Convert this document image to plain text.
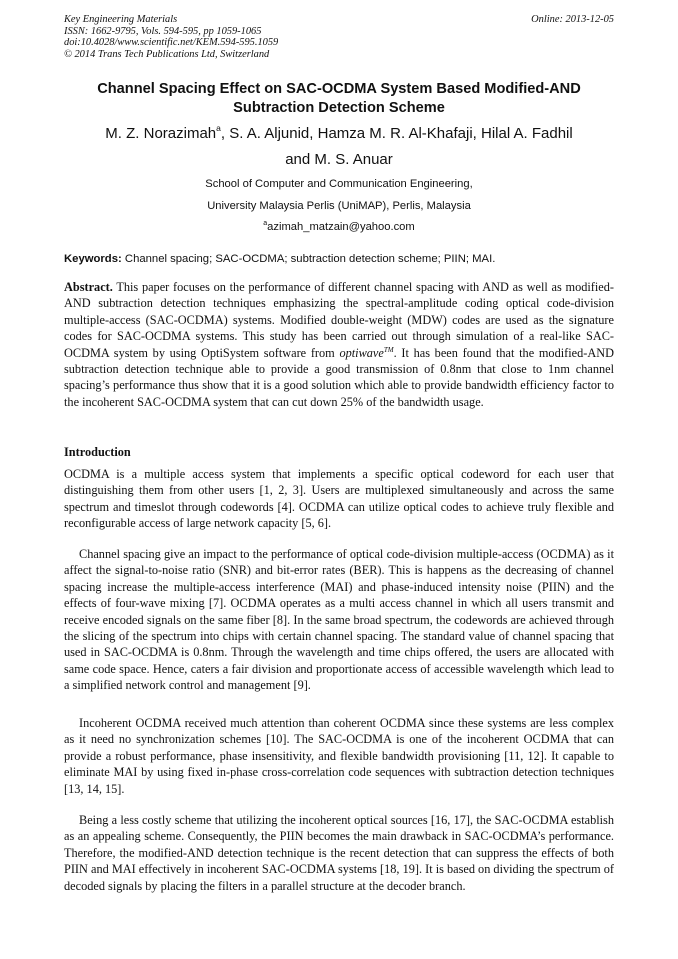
Key Engineering Materials
ISSN: 1662-9795, Vols. 594-595, pp 1059-1065
doi:10.4028/www.scientific.net/KEM.594-595.1059
© 2014 Trans Tech Publications Ltd, Switzerland
Online: 2013-12-05
Channel Spacing Effect on SAC-OCDMA System Based Modified-AND
Subtraction Detection Scheme
M. Z. Norazimah$^a$, S. A. Aljunid, Hamza M. R. Al-Khafaji, Hilal A. Fadhil
and M. S. Anuar
School of Computer and Communication Engineering,
University Malaysia Perlis (UniMAP), Perlis, Malaysia
$^a$azimah_matzain@yahoo.com
Keywords: Channel spacing; SAC-OCDMA; subtraction detection scheme; PIIN; MAI.
Abstract. This paper focuses on the performance of different channel spacing with AND as well as modified-AND subtraction detection techniques emphasizing the spectral-amplitude coding optical code-division multiple-access (SAC-OCDMA) systems. Modified double-weight (MDW) codes are used as the signature codes for SAC-OCDMA systems. This study has been carried out through simulation of a real-like SAC-OCDMA system by using OptiSystem software from optiwave™. It has been found that the modified-AND subtraction detection technique able to provide a good transmission of 0.8nm that close to 1nm channel spacing’s performance thus show that it is a good solution which able to provide bandwidth efficiency factor to the incoherent SAC-OCDMA system that can cut down 25% of the bandwidth usage.
Introduction
OCDMA is a multiple access system that implements a specific optical codeword for each user that distinguishing them from other users [1, 2, 3]. Users are multiplexed simultaneously and across the same spectrum and timeslot through codewords [4]. OCDMA can utilize optical codes to achieve truly flexible and reconfigurable access of large network capacity [5, 6].
Channel spacing give an impact to the performance of optical code-division multiple-access (OCDMA) as it affect the signal-to-noise ratio (SNR) and bit-error rates (BER). This is happens as the decreasing of channel spacing increase the multiple-access interference (MAI) and phase-induced intensity noise (PIIN) and the effects of four-wave mixing [7]. OCDMA operates as a multi access channel in which all users transmit and receive encoded signals on the same fiber [8]. In the same broad spectrum, the codewords are achieved through the slicing of the spectrum into chips with certain channel spacing. The standard value of channel spacing that used in SAC-OCDMA is 0.8nm. Through the wavelength and time chips offered, the users are allocated with same code space. Hence, caters a fair division and proportionate access of accessible wavelength which lead to a simplified network control and management [9].
Incoherent OCDMA received much attention than coherent OCDMA since these systems are less complex as it need no synchronization schemes [10]. The SAC-OCDMA is one of the incoherent OCDMA that can provide a robust performance, phase insensitivity, and flexible bandwidth provisioning [11, 12]. It capable to eliminate MAI by using fixed in-phase cross-correlation code sequences with subtraction detection techniques [13, 14, 15].
Being a less costly scheme that utilizing the incoherent optical sources [16, 17], the SAC-OCDMA establish as an appealing scheme. Consequently, the PIIN becomes the main drawback in SAC-OCDMA’s performance. Therefore, the modified-AND detection technique is the recent detection that can suppress the effects of both PIIN and MAI effectively in incoherent SAC-OCDMA systems [18, 19]. It is based on dividing the spectrum of decoded signals by placing the filters in a parallel structure at the decoder branch.
